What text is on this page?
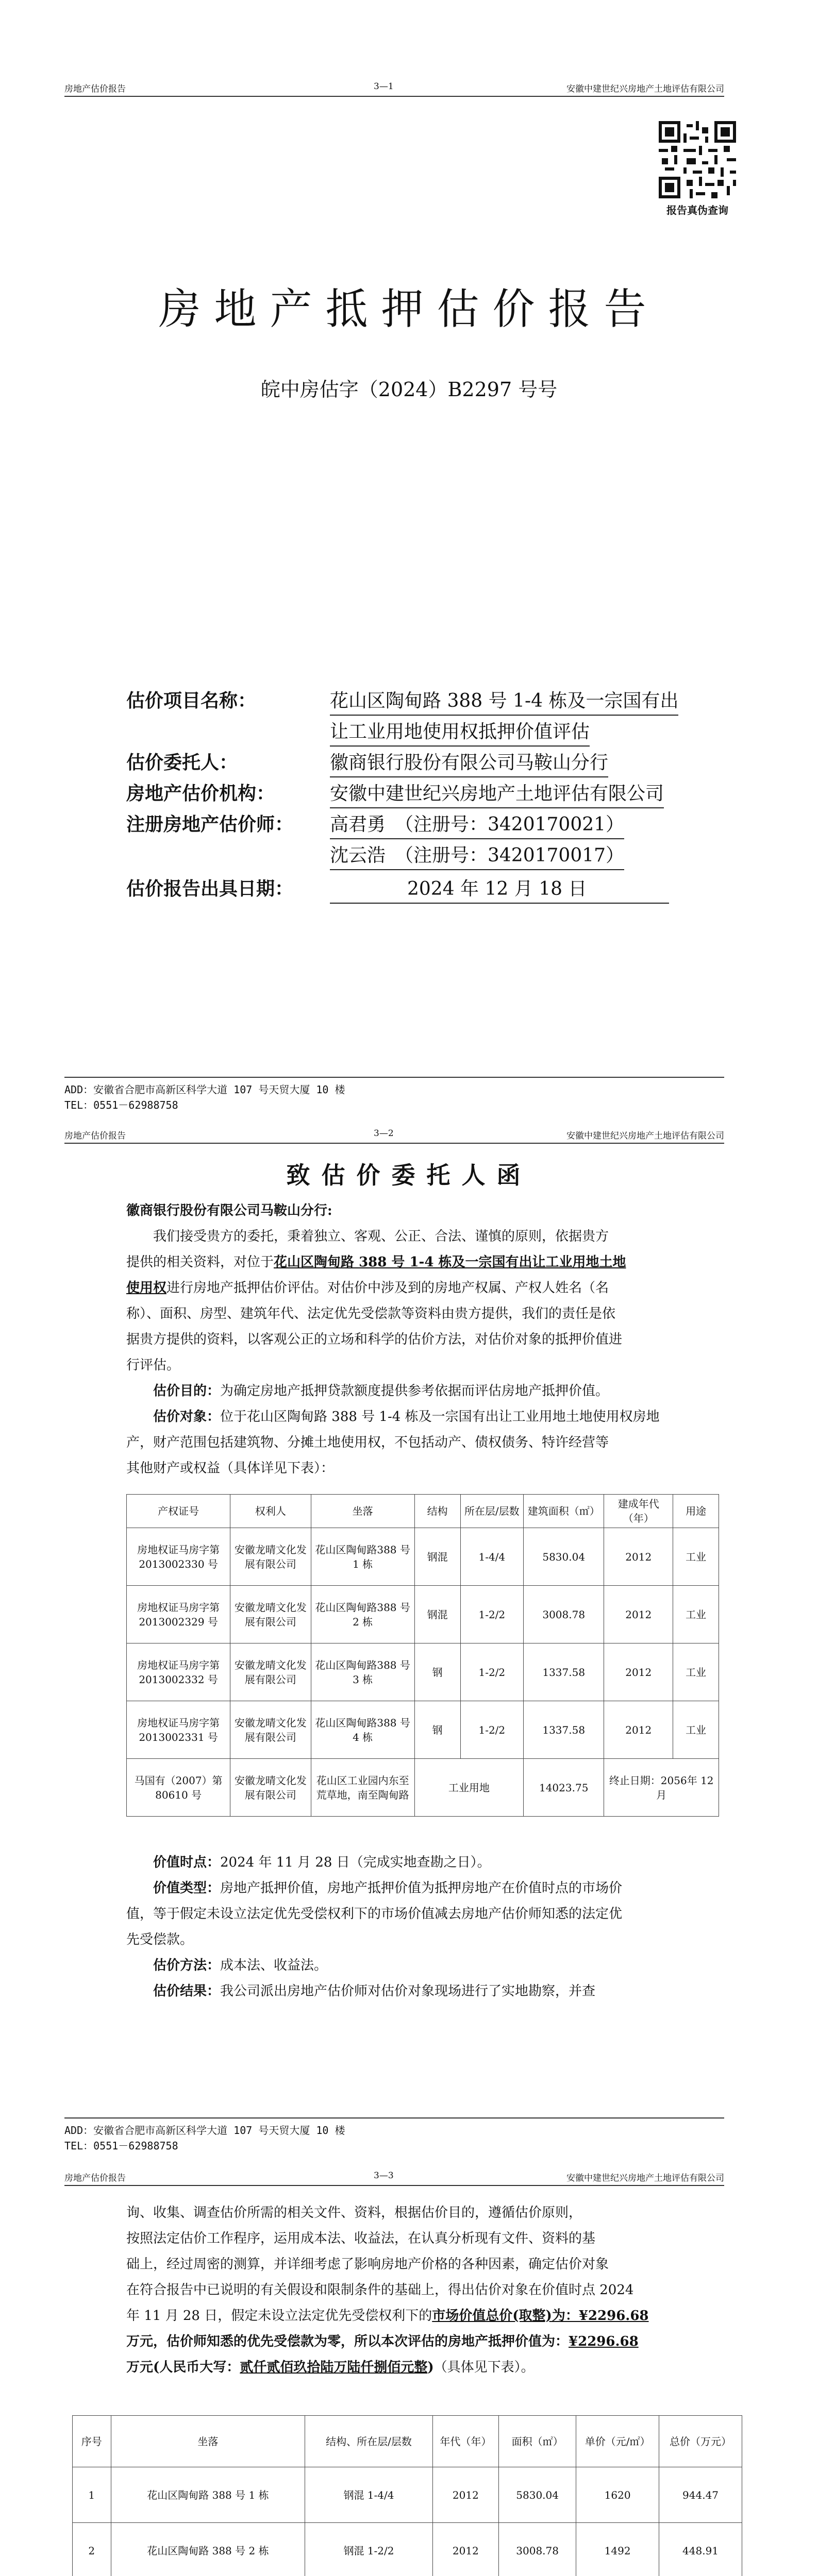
房地产估价报告	3—1	安徽中建世纪兴房地产土地评估有限公司
报告真伪查询
房地产抵押估价报告
皖中房估字（2024）B2297 号号
估价项目名称：	花山区陶甸路 388 号 1-4 栋及一宗国有出
让工业用地使用权抵押价值评估
估价委托人：	徽商银行股份有限公司马鞍山分行
房地产估价机构：	安徽中建世纪兴房地产土地评估有限公司
注册房地产估价师： 高君勇　（注册号：3420170021）
沈云浩　（注册号：3420170017）
估价报告出具日期：	2024 年 12 月 18 日
ADD：安徽省合肥市高新区科学大道 107 号天贸大厦 10 楼
TEL：0551－62988758
房地产估价报告	3—2	安徽中建世纪兴房地产土地评估有限公司
致估价委托人函
徽商银行股份有限公司马鞍山分行:
我们接受贵方的委托，秉着独立、客观、公正、合法、谨慎的原则，依据贵方
提供的相关资料，对位于花山区陶甸路 388 号 1-4 栋及一宗国有出让工业用地土地
使用权进行房地产抵押估价评估。对估价中涉及到的房地产权属、产权人姓名（名
称）、面积、房型、建筑年代、法定优先受偿款等资料由贵方提供，我们的责任是依
据贵方提供的资料，以客观公正的立场和科学的估价方法，对估价对象的抵押价值进
行评估。
估价目的：为确定房地产抵押贷款额度提供参考依据而评估房地产抵押价值。
估价对象：位于花山区陶甸路 388 号 1-4 栋及一宗国有出让工业用地土地使用权房地
产，财产范围包括建筑物、分摊土地使用权，不包括动产、债权债务、特许经营等
其他财产或权益（具体详见下表）：
产权证号	权利人	坐落	结构	所在层/层数	建筑面积（㎡）	建成年代（年）	用途
房地权证马房字第2013002330 号	安徽龙晴文化发展有限公司	花山区陶甸路388 号 1 栋	钢混	1-4/4	5830.04	2012	工业
房地权证马房字第2013002329 号	安徽龙晴文化发展有限公司	花山区陶甸路388 号 2 栋	钢混	1-2/2	3008.78	2012	工业
房地权证马房字第2013002332 号	安徽龙晴文化发展有限公司	花山区陶甸路388 号 3 栋	钢	1-2/2	1337.58	2012	工业
房地权证马房字第2013002331 号	安徽龙晴文化发展有限公司	花山区陶甸路388 号 4 栋	钢	1-2/2	1337.58	2012	工业
马国有（2007）第80610 号	安徽龙晴文化发展有限公司	花山区工业园内东至荒草地，南至陶甸路	工业用地		14023.75	终止日期：2056年 12 月	
价值时点：2024 年 11 月 28 日（完成实地查勘之日）。
价值类型：房地产抵押价值，房地产抵押价值为抵押房地产在价值时点的市场价
值，等于假定未设立法定优先受偿权利下的市场价值减去房地产估价师知悉的法定优
先受偿款。
估价方法：成本法、收益法。
估价结果：我公司派出房地产估价师对估价对象现场进行了实地勘察，并查
ADD：安徽省合肥市高新区科学大道 107 号天贸大厦 10 楼
TEL：0551－62988758
房地产估价报告	3—3	安徽中建世纪兴房地产土地评估有限公司
询、收集、调查估价所需的相关文件、资料，根据估价目的，遵循估价原则，
按照法定估价工作程序，运用成本法、收益法，在认真分析现有文件、资料的基
础上，经过周密的测算，并详细考虑了影响房地产价格的各种因素，确定估价对象
在符合报告中已说明的有关假设和限制条件的基础上，得出估价对象在价值时点 2024
年 11 月 28 日，假定未设立法定优先受偿权利下的市场价值总价(取整)为：¥2296.68
万元，估价师知悉的优先受偿款为零，所以本次评估的房地产抵押价值为：¥2296.68
万元(人民币大写：贰仟贰佰玖拾陆万陆仟捌佰元整)（具体见下表）。
序号	坐落	结构、所在层/层数	年代（年）	面积（㎡）	单价（元/㎡）	总价（万元）
1	花山区陶甸路 388 号 1 栋	钢混 1-4/4	2012	5830.04	1620	944.47
2	花山区陶甸路 388 号 2 栋	钢混 1-2/2	2012	3008.78	1492	448.91
